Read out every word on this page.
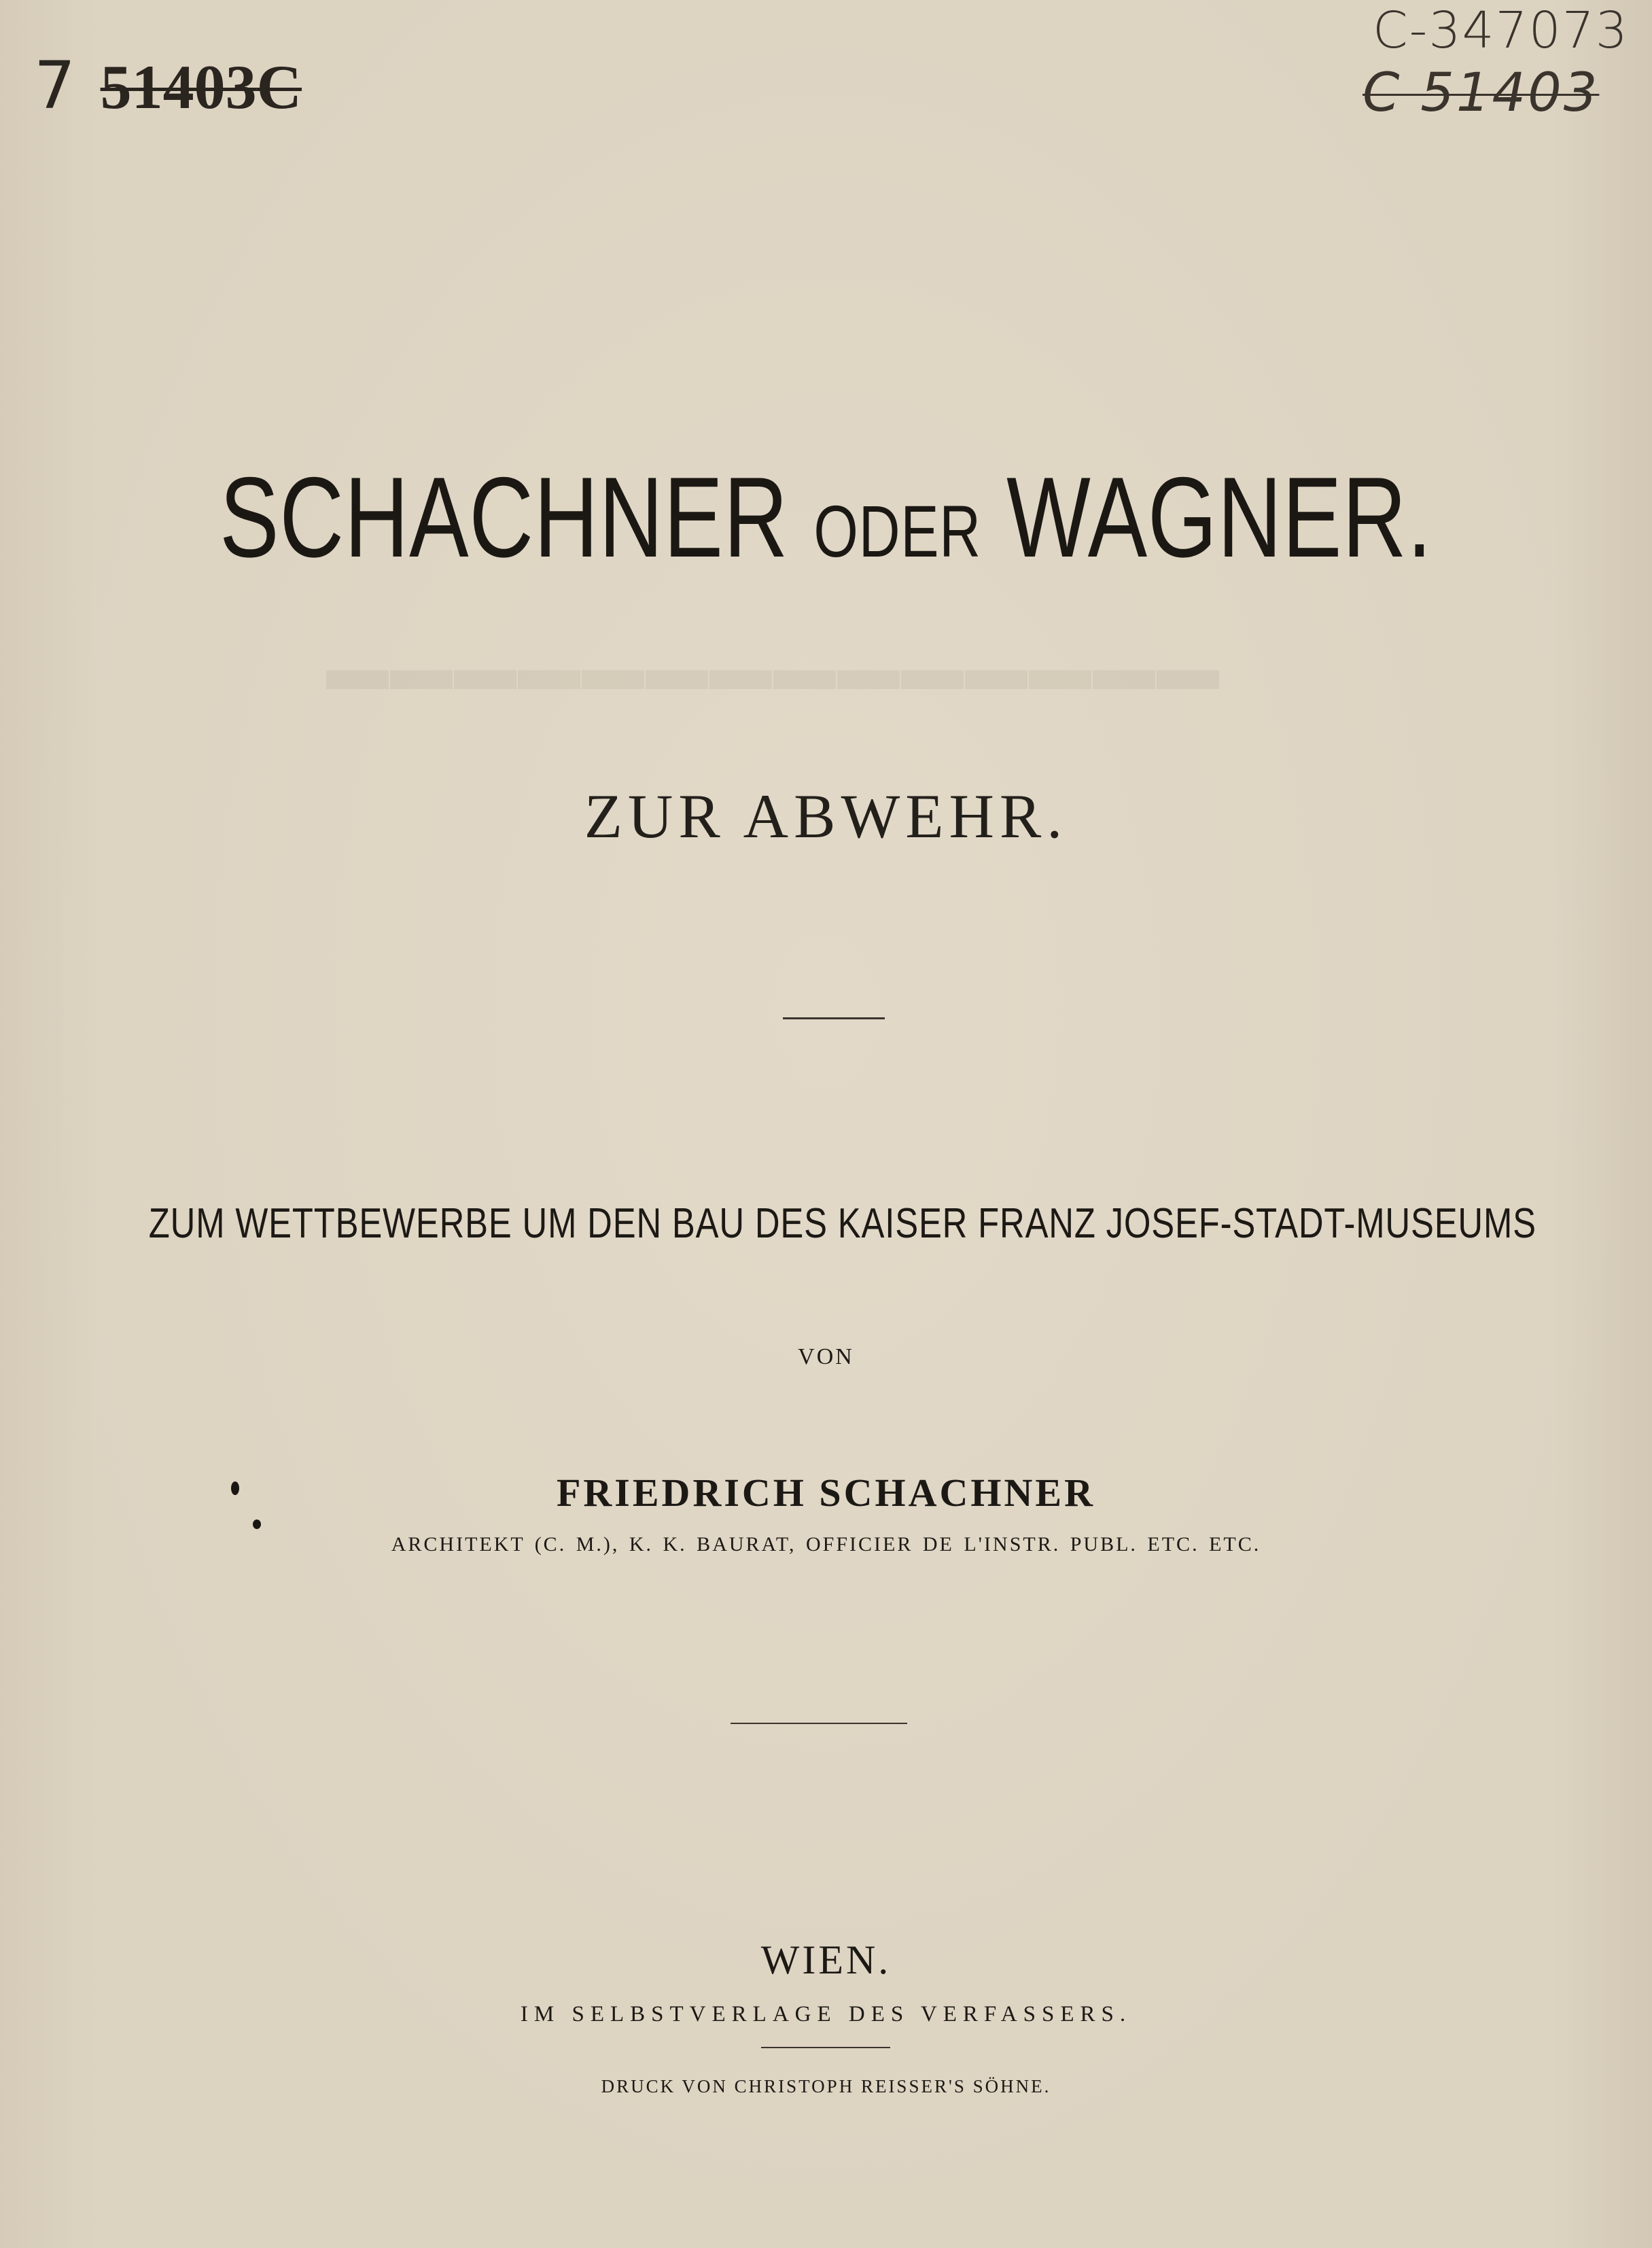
▬▬▬▬▬▬▬▬▬▬▬▬▬▬
7 51403C
C-347073
C 51403
SCHACHNER ODER WAGNER.
ZUR ABWEHR.
ZUM WETTBEWERBE UM DEN BAU DES KAISER FRANZ JOSEF-STADT-MUSEUMS
VON
FRIEDRICH SCHACHNER
ARCHITEKT (C. M.), K. K. BAURAT, OFFICIER DE L'INSTR. PUBL. ETC. ETC.
WIEN.
IM SELBSTVERLAGE DES VERFASSERS.
DRUCK VON CHRISTOPH REISSER'S SÖHNE.
